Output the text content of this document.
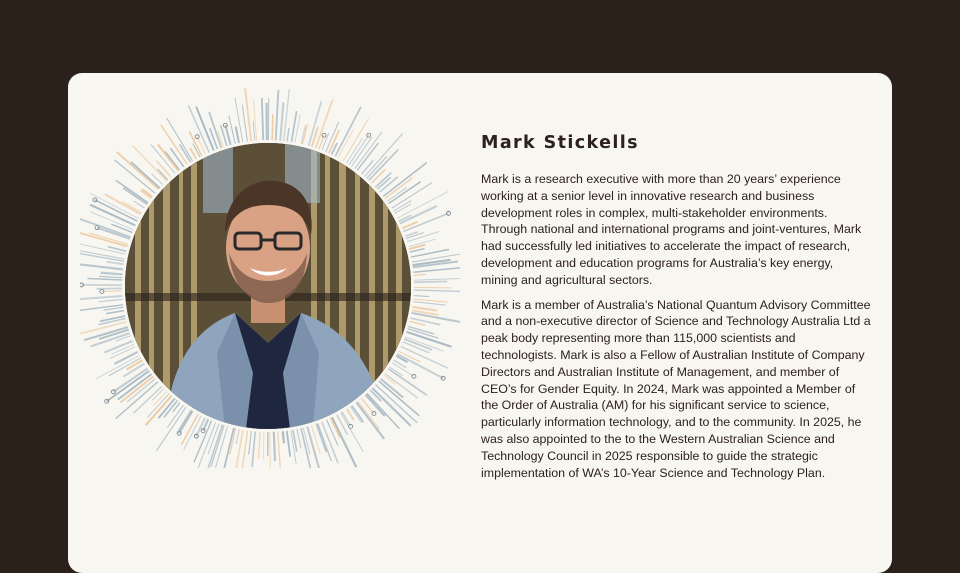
Mark Stickells

Mark is a research executive with more than 20 years’ experience working at a senior level in innovative research and business development roles in complex, multi-stakeholder environments. Through national and international programs and joint-ventures, Mark had successfully led initiatives to accelerate the impact of research, development and education programs for Australia’s key energy, mining and agricultural sectors.

Mark is a member of Australia’s National Quantum Advisory Committee and a non-executive director of Science and Technology Australia Ltd a peak body representing more than 115,000 scientists and technologists. Mark is also a Fellow of Australian Institute of Company Directors and Australian Institute of Management, and member of CEO’s for Gender Equity. In 2024, Mark was appointed a Member of the Order of Australia (AM) for his significant service to science, particularly information technology, and to the community. In 2025, he was also appointed to the to the Western Australian Science and Technology Council in 2025 responsible to guide the strategic implementation of WA’s 10-Year Science and Technology Plan.
